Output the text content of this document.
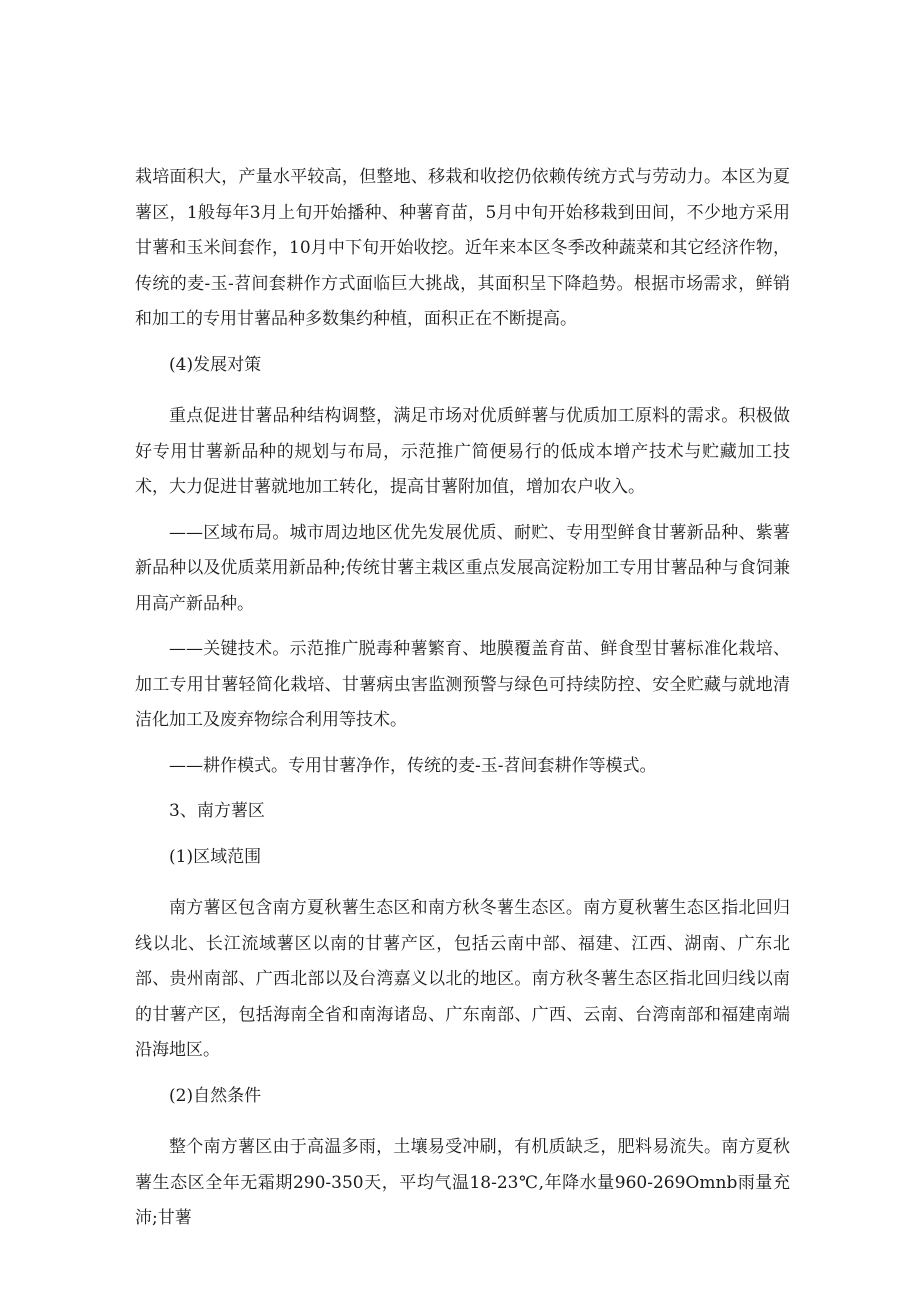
栽培面积大，产量水平较高，但整地、移栽和收挖仍依赖传统方式与劳动力。本区为夏薯区，1般每年3月上旬开始播种、种薯育苗，5月中旬开始移栽到田间，不少地方采用甘薯和玉米间套作，10月中下旬开始收挖。近年来本区冬季改种蔬菜和其它经济作物，传统的麦-玉-苕间套耕作方式面临巨大挑战，其面积呈下降趋势。根据市场需求，鲜销和加工的专用甘薯品种多数集约种植，面积正在不断提高。

(4)发展对策

重点促进甘薯品种结构调整，满足市场对优质鲜薯与优质加工原料的需求。积极做好专用甘薯新品种的规划与布局，示范推广简便易行的低成本增产技术与贮藏加工技术，大力促进甘薯就地加工转化，提高甘薯附加值，增加农户收入。

——区域布局。城市周边地区优先发展优质、耐贮、专用型鲜食甘薯新品种、紫薯新品种以及优质菜用新品种;传统甘薯主栽区重点发展高淀粉加工专用甘薯品种与食饲兼用高产新品种。

——关键技术。示范推广脱毒种薯繁育、地膜覆盖育苗、鲜食型甘薯标准化栽培、加工专用甘薯轻简化栽培、甘薯病虫害监测预警与绿色可持续防控、安全贮藏与就地清洁化加工及废弃物综合利用等技术。

——耕作模式。专用甘薯净作，传统的麦-玉-苕间套耕作等模式。

3、南方薯区

(1)区域范围

南方薯区包含南方夏秋薯生态区和南方秋冬薯生态区。南方夏秋薯生态区指北回归线以北、长江流域薯区以南的甘薯产区，包括云南中部、福建、江西、湖南、广东北部、贵州南部、广西北部以及台湾嘉义以北的地区。南方秋冬薯生态区指北回归线以南的甘薯产区，包括海南全省和南海诸岛、广东南部、广西、云南、台湾南部和福建南端沿海地区。

(2)自然条件

整个南方薯区由于高温多雨，土壤易受冲刷，有机质缺乏，肥料易流失。南方夏秋薯生态区全年无霜期290-350天，平均气温18-23℃,年降水量960-269Omnb雨量充沛;甘薯
